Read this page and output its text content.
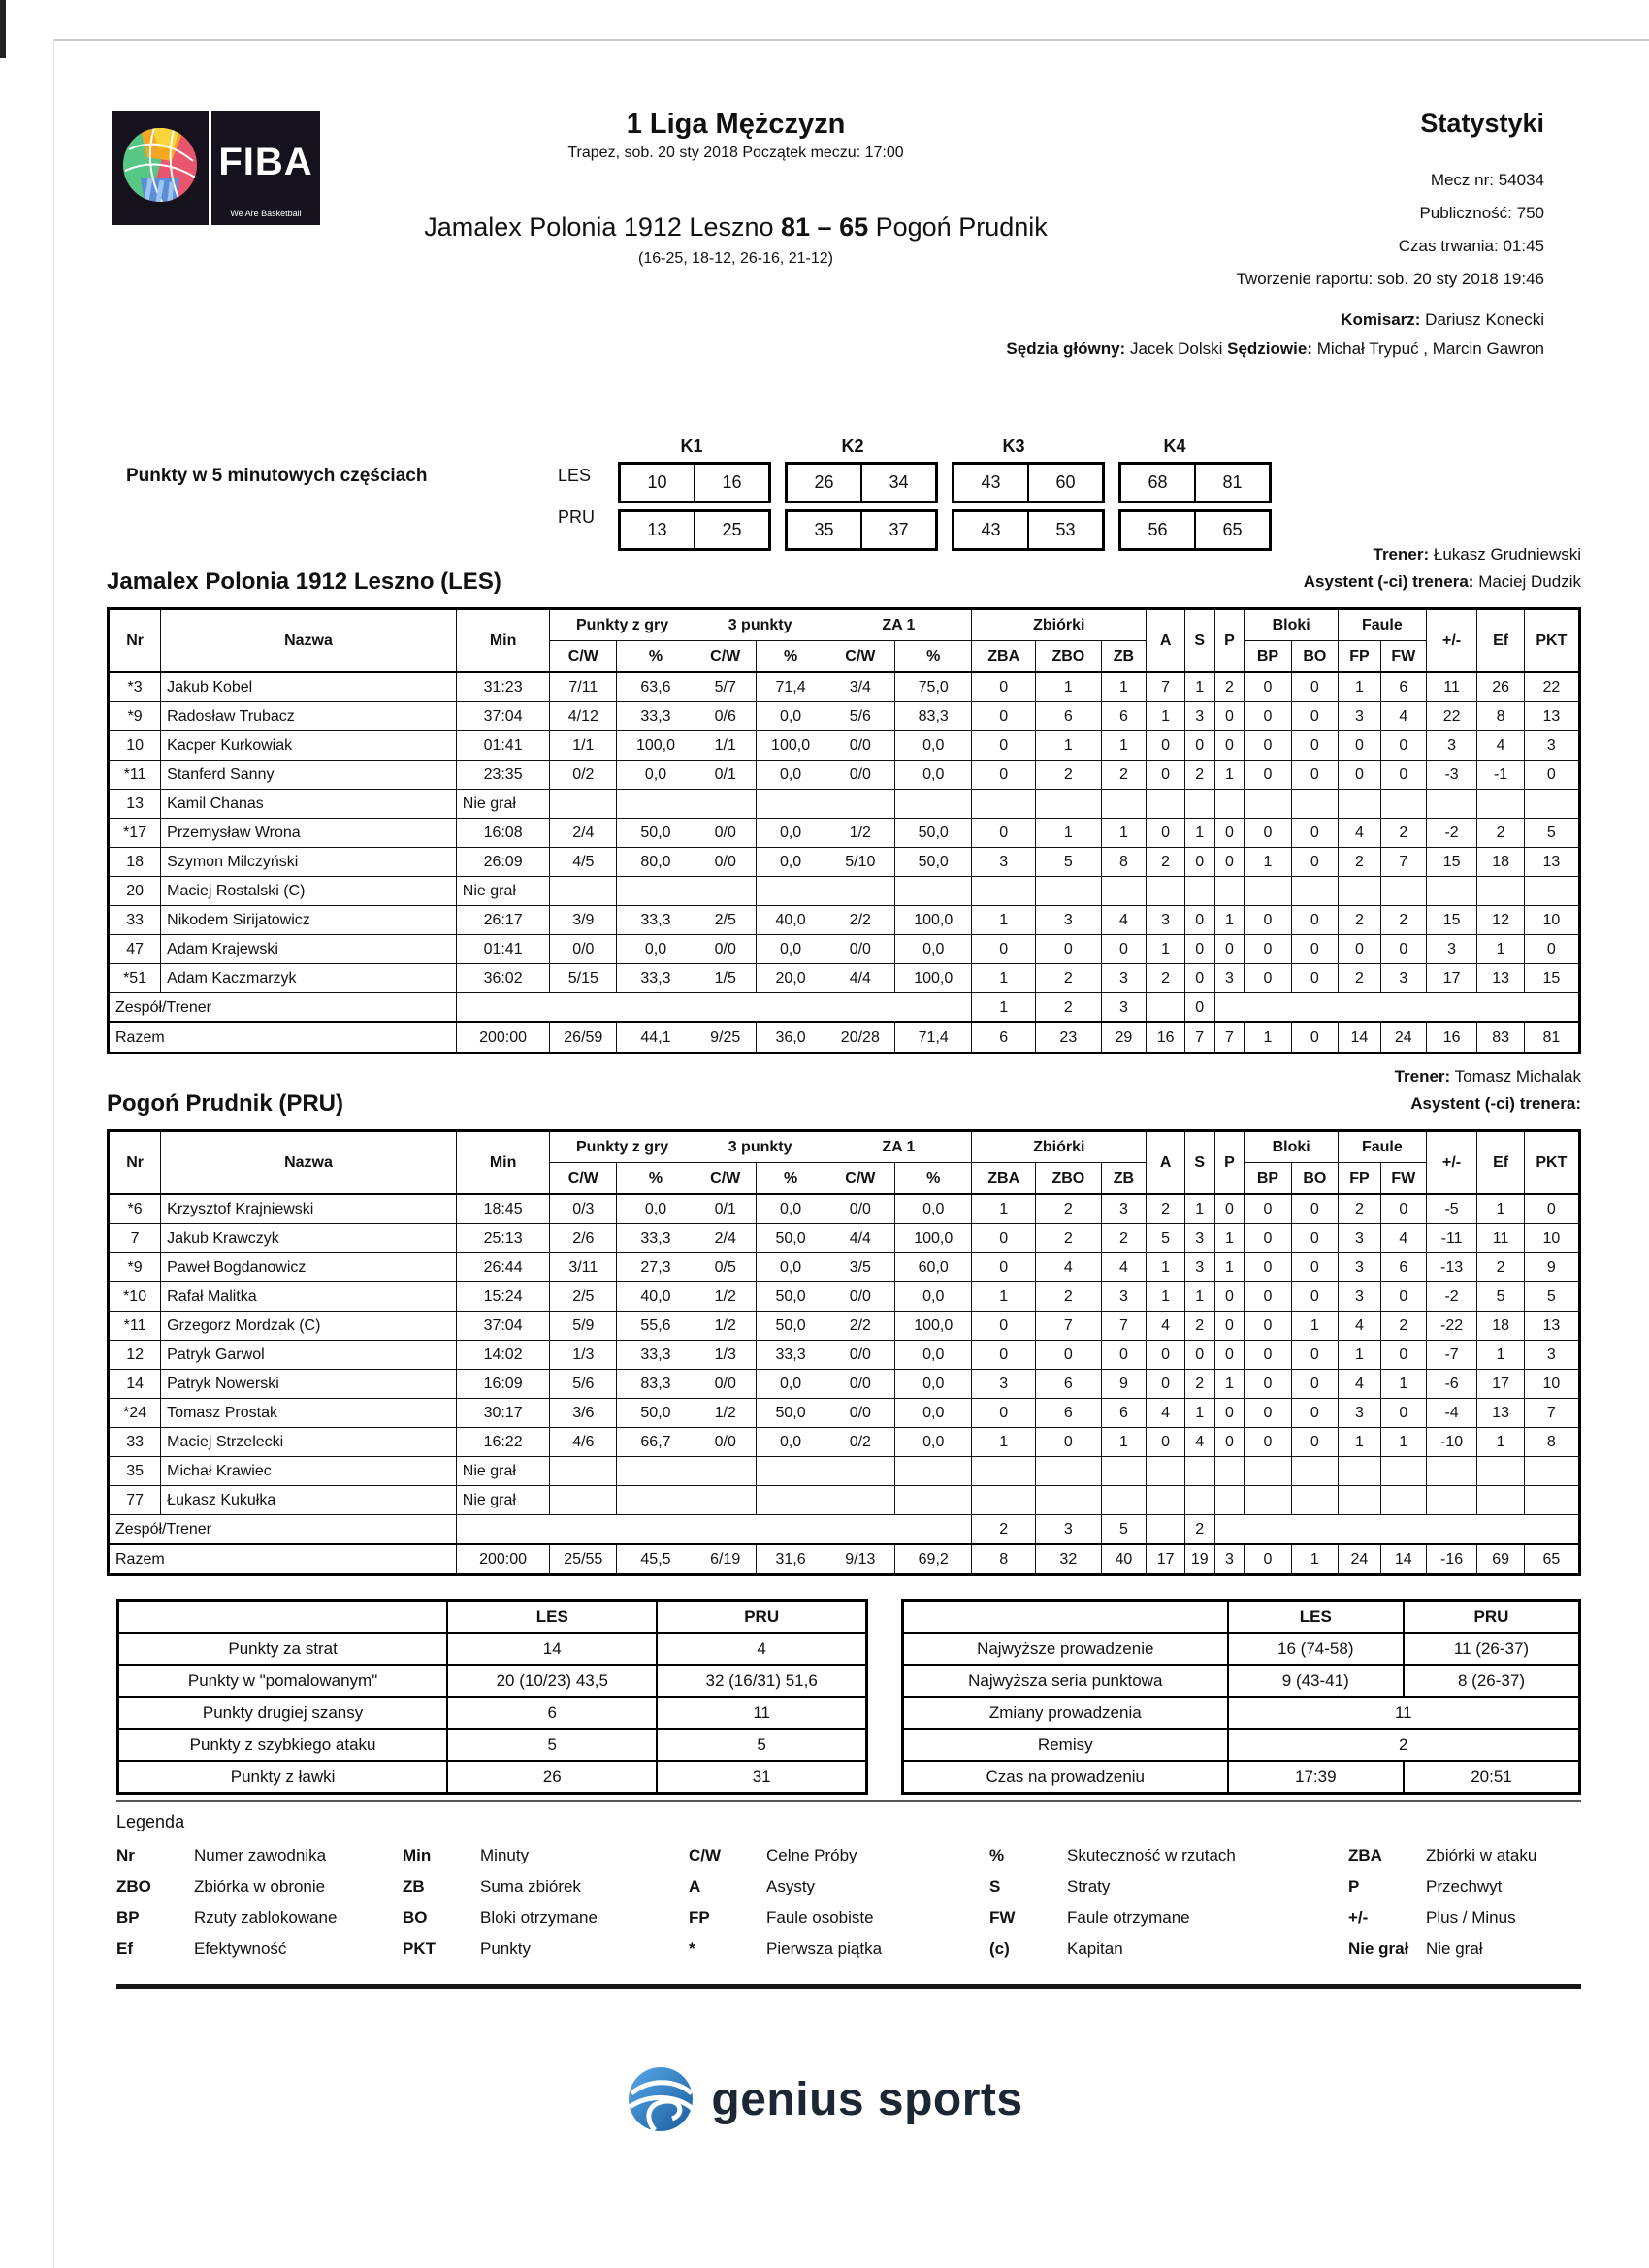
FIBA
We Are Basketball
1 Liga Mężczyzn
Trapez, sob. 20 sty 2018 Początek meczu: 17:00
Jamalex Polonia 1912 Leszno 81 – 65 Pogoń Prudnik
(16-25, 18-12, 26-16, 21-12)
Statystyki
Mecz nr: 54034
Publiczność: 750
Czas trwania: 01:45
Tworzenie raportu: sob. 20 sty 2018 19:46
Komisarz: Dariusz Konecki
Sędzia główny: Jacek Dolski Sędziowie: Michał Trypuć , Marcin Gawron
Punkty w 5 minutowych częściach	LES
PRU
K1	K2	K3	K4
10	16	26	34	43	60	68	81
13	25	35	37	43	53	56	65
Jamalex Polonia 1912 Leszno (LES)
Trener: Łukasz Grudniewski
Asystent (-ci) trenera: Maciej Dudzik
Nr	Nazwa	Min	Punkty z gry		3 punkty		ZA 1		Zbiórki			A	S	P	Bloki		Faule		+/-	Ef	PKT
			C/W	%	C/W	%	C/W	%	ZBA	ZBO	ZB				BP	BO	FP	FW			
*3	Jakub Kobel	31:23	7/11	63,6	5/7	71,4	3/4	75,0	0	1	1	7	1	2	0	0	1	6	11	26	22
*9	Radosław Trubacz	37:04	4/12	33,3	0/6	0,0	5/6	83,3	0	6	6	1	3	0	0	0	3	4	22	8	13
10	Kacper Kurkowiak	01:41	1/1	100,0	1/1	100,0	0/0	0,0	0	1	1	0	0	0	0	0	0	0	3	4	3
*11	Stanferd Sanny	23:35	0/2	0,0	0/1	0,0	0/0	0,0	0	2	2	0	2	1	0	0	0	0	-3	-1	0
13	Kamil Chanas	Nie grał																			
*17	Przemysław Wrona	16:08	2/4	50,0	0/0	0,0	1/2	50,0	0	1	1	0	1	0	0	0	4	2	-2	2	5
18	Szymon Milczyński	26:09	4/5	80,0	0/0	0,0	5/10	50,0	3	5	8	2	0	0	1	0	2	7	15	18	13
20	Maciej Rostalski (C)	Nie grał																			
33	Nikodem Sirijatowicz	26:17	3/9	33,3	2/5	40,0	2/2	100,0	1	3	4	3	0	1	0	0	2	2	15	12	10
47	Adam Krajewski	01:41	0/0	0,0	0/0	0,0	0/0	0,0	0	0	0	1	0	0	0	0	0	0	3	1	0
*51	Adam Kaczmarzyk	36:02	5/15	33,3	1/5	20,0	4/4	100,0	1	2	3	2	0	3	0	0	2	3	17	13	15
Zespół/Trener									1	2	3		0								
Razem		200:00	26/59	44,1	9/25	36,0	20/28	71,4	6	23	29	16	7	7	1	0	14	24	16	83	81
Pogoń Prudnik (PRU)
Trener: Tomasz Michalak
Asystent (-ci) trenera:
Nr	Nazwa	Min	Punkty z gry		3 punkty		ZA 1		Zbiórki			A	S	P	Bloki		Faule		+/-	Ef	PKT
			C/W	%	C/W	%	C/W	%	ZBA	ZBO	ZB				BP	BO	FP	FW			
*6	Krzysztof Krajniewski	18:45	0/3	0,0	0/1	0,0	0/0	0,0	1	2	3	2	1	0	0	0	2	0	-5	1	0
7	Jakub Krawczyk	25:13	2/6	33,3	2/4	50,0	4/4	100,0	0	2	2	5	3	1	0	0	3	4	-11	11	10
*9	Paweł Bogdanowicz	26:44	3/11	27,3	0/5	0,0	3/5	60,0	0	4	4	1	3	1	0	0	3	6	-13	2	9
*10	Rafał Malitka	15:24	2/5	40,0	1/2	50,0	0/0	0,0	1	2	3	1	1	0	0	0	3	0	-2	5	5
*11	Grzegorz Mordzak (C)	37:04	5/9	55,6	1/2	50,0	2/2	100,0	0	7	7	4	2	0	0	1	4	2	-22	18	13
12	Patryk Garwol	14:02	1/3	33,3	1/3	33,3	0/0	0,0	0	0	0	0	0	0	0	0	1	0	-7	1	3
14	Patryk Nowerski	16:09	5/6	83,3	0/0	0,0	0/0	0,0	3	6	9	0	2	1	0	0	4	1	-6	17	10
*24	Tomasz Prostak	30:17	3/6	50,0	1/2	50,0	0/0	0,0	0	6	6	4	1	0	0	0	3	0	-4	13	7
33	Maciej Strzelecki	16:22	4/6	66,7	0/0	0,0	0/2	0,0	1	0	1	0	4	0	0	0	1	1	-10	1	8
35	Michał Krawiec	Nie grał																			
77	Łukasz Kukułka	Nie grał																			
Zespół/Trener									2	3	5		2								
Razem		200:00	25/55	45,5	6/19	31,6	9/13	69,2	8	32	40	17	19	3	0	1	24	14	-16	69	65
	LES	PRU
Punkty za strat	14	4
Punkty w "pomalowanym"	20 (10/23) 43,5	32 (16/31) 51,6
Punkty drugiej szansy	6	11
Punkty z szybkiego ataku	5	5
Punkty z ławki	26	31
	LES	PRU
Najwyższe prowadzenie	16 (74-58)	11 (26-37)
Najwyższa seria punktowa	9 (43-41)	8 (26-37)
Zmiany prowadzenia	11	
Remisy	2	
Czas na prowadzeniu	17:39	20:51
Legenda
Nr	Numer zawodnika	Min	Minuty	C/W	Celne Próby	%	Skuteczność w rzutach	ZBA	Zbiórki w ataku
ZBO	Zbiórka w obronie	ZB	Suma zbiórek	A	Asysty	S	Straty	P	Przechwyt
BP	Rzuty zablokowane	BO	Bloki otrzymane	FP	Faule osobiste	FW	Faule otrzymane	+/-	Plus / Minus
Ef	Efektywność	PKT	Punkty	*	Pierwsza piątka	(c)	Kapitan	Nie grał	Nie grał
genius sports
